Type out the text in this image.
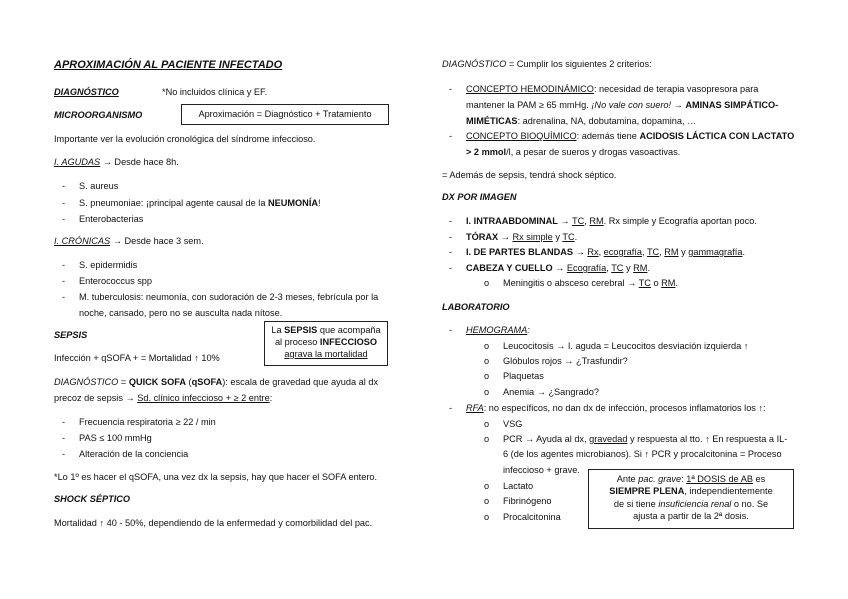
APROXIMACIÓN AL PACIENTE INFECTADO
DIAGNÓSTICO	*No incluidos clínica y EF.
MICROORGANISMO	Aproximación = Diagnóstico + Tratamiento
Importante ver la evolución cronológica del síndrome infeccioso.
I. AGUDAS → Desde hace 8h.
- S. aureus
- S. pneumoniae: ¡principal agente causal de la NEUMONÍA!
- Enterobacterias
I. CRÓNICAS → Desde hace 3 sem.
- S. epidermidis
- Enterococcus spp
- M. tuberculosis: neumonía, con sudoración de 2-3 meses, febrícula por la
noche, cansado, pero no se ausculta nada nítose.
SEPSIS
Infección + qSOFA + = Mortalidad ↑ 10%
La SEPSIS que acompaña
al proceso INFECCIOSO
agrava la mortalidad
DIAGNÓSTICO = QUICK SOFA (qSOFA): escala de gravedad que ayuda al dx
precoz de sepsis → Sd. clínico infeccioso + ≥ 2 entre:
- Frecuencia respiratoria ≥ 22 / min
- PAS ≤ 100 mmHg
- Alteración de la conciencia
*Lo 1º es hacer el qSOFA, una vez dx la sepsis, hay que hacer el SOFA entero.
SHOCK SÉPTICO
Mortalidad ↑ 40 - 50%, dependiendo de la enfermedad y comorbilidad del pac.
DIAGNÓSTICO = Cumplir los siguientes 2 criterios:
- CONCEPTO HEMODINÁMICO: necesidad de terapia vasopresora para
mantener la PAM ≥ 65 mmHg. ¡No vale con suero! → AMINAS SIMPÁTICO-
MIMÉTICAS: adrenalina, NA, dobutamina, dopamina, …
- CONCEPTO BIOQUÍMICO: además tiene ACIDOSIS LÁCTICA CON LACTATO
> 2 mmol/l, a pesar de sueros y drogas vasoactivas.
= Además de sepsis, tendrá shock séptico.
DX POR IMAGEN
- I. INTRAABDOMINAL → TC, RM. Rx simple y Ecografía aportan poco.
- TÓRAX → Rx simple y TC.
- I. DE PARTES BLANDAS → Rx, ecografía, TC, RM y gammagrafía.
- CABEZA Y CUELLO → Ecografía, TC y RM.
o Meningitis o absceso cerebral → TC o RM.
LABORATORIO
- HEMOGRAMA:
o Leucocitosis → I. aguda = Leucocitos desviación izquierda ↑
o Glóbulos rojos → ¿Trasfundir?
o Plaquetas
o Anemia → ¿Sangrado?
- RFA: no específicos, no dan dx de infección, procesos inflamatorios los ↑:
o VSG
o PCR → Ayuda al dx, gravedad y respuesta al tto. ↑ En respuesta a IL-
6 (de los agentes microbianos). Si ↑ PCR y procalcitonina = Proceso
infeccioso + grave.
o Lactato
o Fibrinógeno
o Procalcitonina
Ante pac. grave: 1ª DOSIS de AB es
SIEMPRE PLENA, independientemente
de si tiene insuficiencia renal o no. Se
ajusta a partir de la 2ª dosis.
